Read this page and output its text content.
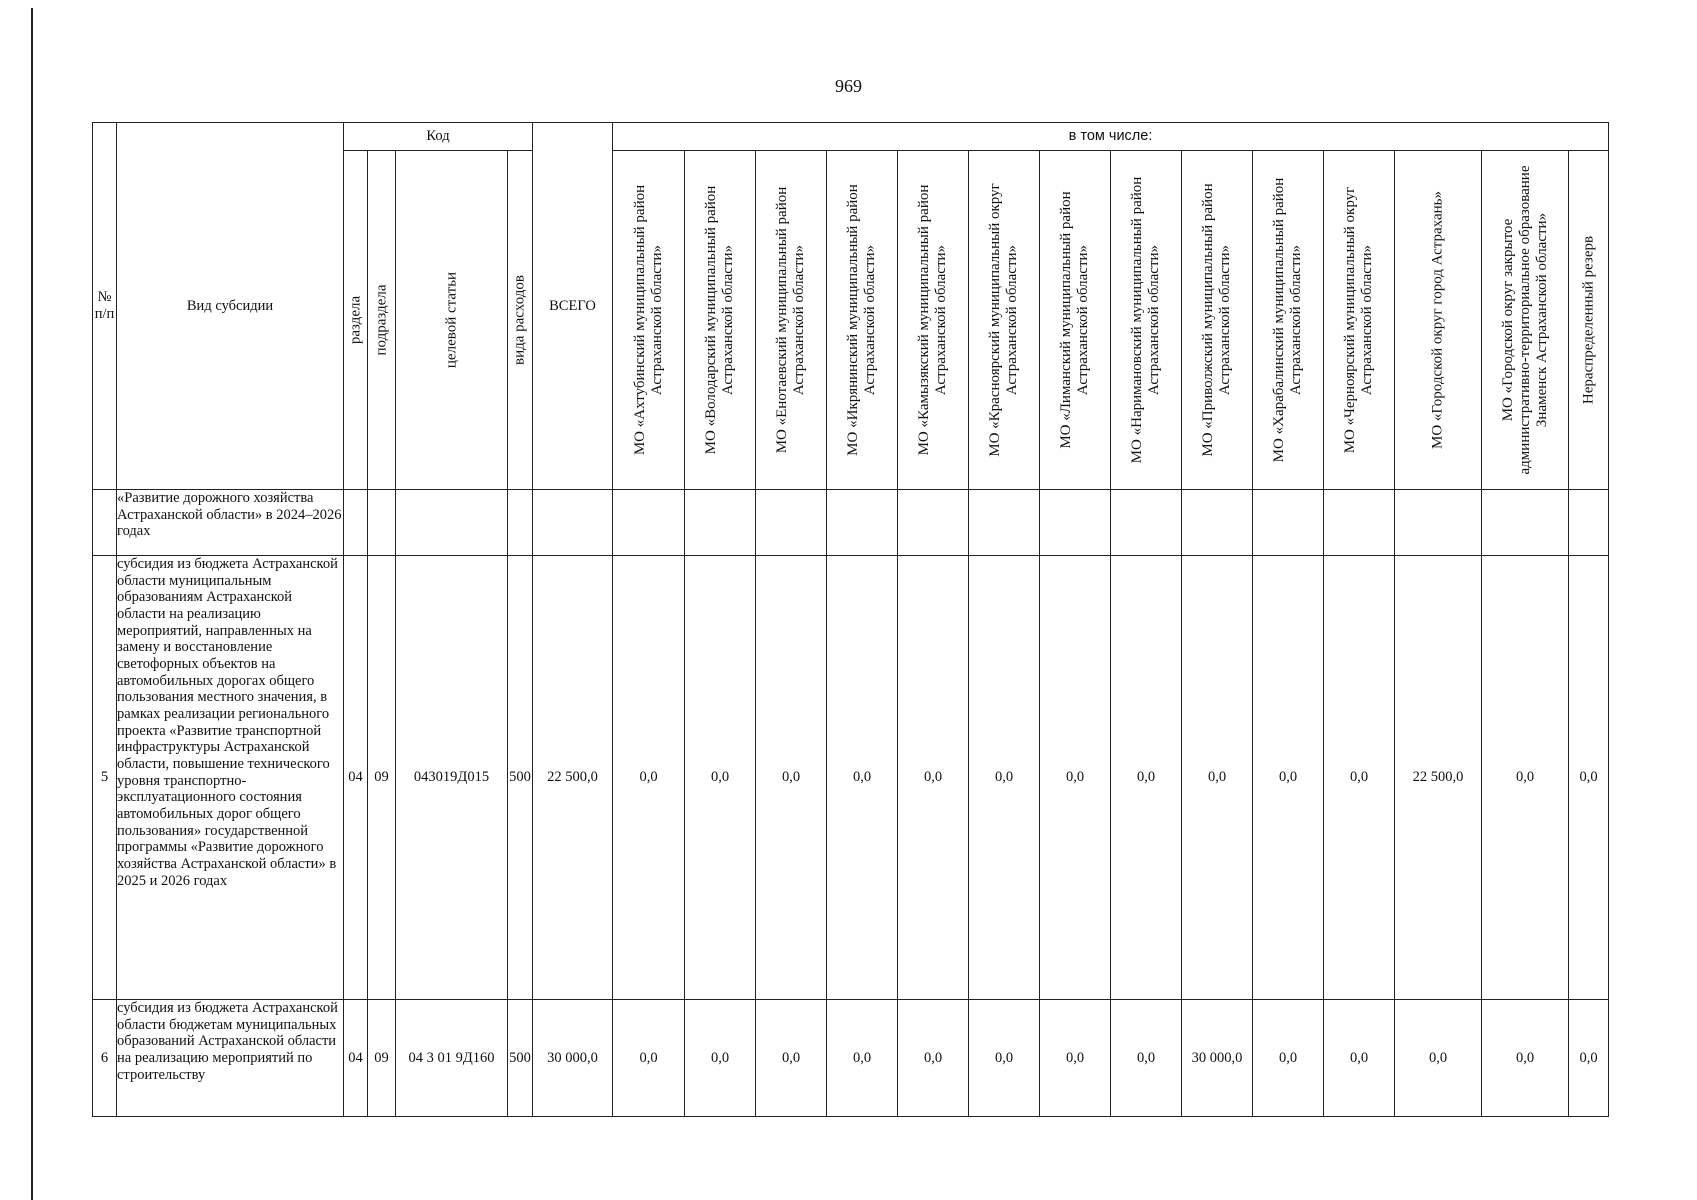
969
№ п/п	Вид субсидии	Код				ВСЕГО	в том числе:													

		раздела	подраздела	целевой статьи	вида расходов		МО «Ахтубинский муниципальный район Астраханской области»	МО «Володарский муниципальный район Астраханской области»	МО «Енотаевский муниципальный район Астраханской области»	МО «Икрянинский муниципальный район Астраханской области»	МО «Камызякский муниципальный район Астраханской области»	МО «Красноярский муниципальный округ Астраханской области»	МО «Лиманский муниципальный район Астраханской области»	МО «Наримановский муниципальный район Астраханской области»	МО «Приволжский муниципальный район Астраханской области»	МО «Харабалинский муниципальный район Астраханской области»	МО «Черноярский муниципальный округ Астраханской области»	МО «Городской округ город Астрахань»	МО «Городской округ закрытое административно-территориальное образование Знаменск Астраханской области»	Нераспределенный резерв

	«Развитие дорожного хозяйства Астраханской области» в 2024–2026 годах																			
5	субсидия из бюджета Астраханской области муниципальным образованиям Астраханской области на реализацию мероприятий, направленных на замену и восстановление светофорных объектов на автомобильных дорогах общего пользования местного значения, в рамках реализации регионального проекта «Развитие транспортной инфраструктуры Астраханской области, повышение технического уровня транспортно-эксплуатационного состояния автомобильных дорог общего пользования» государственной программы «Развитие дорожного хозяйства Астраханской области» в 2025 и 2026 годах	04	09	043019Д015	500	22 500,0	0,0	0,0	0,0	0,0	0,0	0,0	0,0	0,0	0,0	0,0	0,0	22 500,0	0,0	0,0
6	субсидия из бюджета Астраханской области бюджетам муниципальных образований Астраханской области на реализацию мероприятий по строительству	04	09	04 3 01 9Д160	500	30 000,0	0,0	0,0	0,0	0,0	0,0	0,0	0,0	0,0	30 000,0	0,0	0,0	0,0	0,0	0,0
